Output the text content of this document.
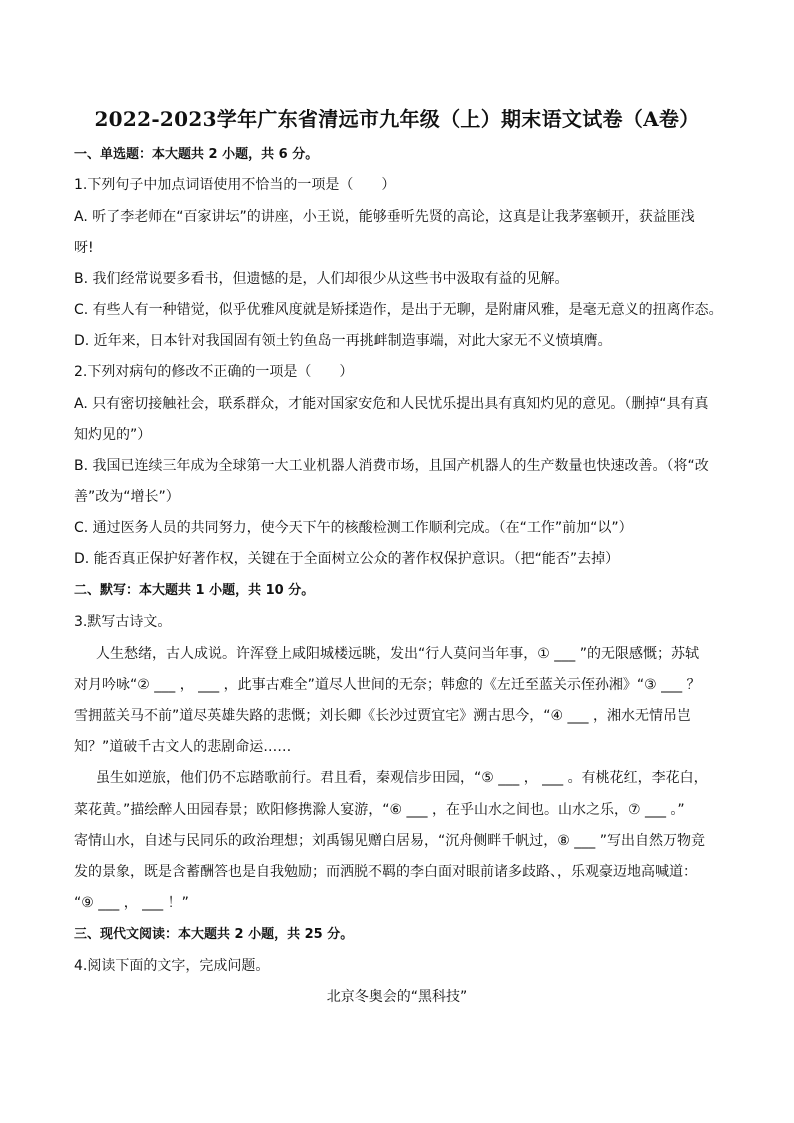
2022-2023学年广东省清远市九年级（上）期末语文试卷（A卷）
一、单选题：本大题共 2 小题，共 6 分。
1.下列句子中加点词语使用不恰当的一项是（　　）
A. 听了李老师在“百家讲坛”的讲座，小王说，能够垂听先贤的高论，这真是让我茅塞顿开，获益匪浅
呀!
B. 我们经常说要多看书，但遗憾的是，人们却很少从这些书中汲取有益的见解。
C. 有些人有一种错觉，似乎优雅风度就是矫揉造作，是出于无聊，是附庸风雅，是毫无意义的扭离作态。
D. 近年来，日本针对我国固有领土钓鱼岛一再挑衅制造事端，对此大家无不义愤填膺。
2.下列对病句的修改不正确的一项是（　　）
A. 只有密切接触社会，联系群众，才能对国家安危和人民忧乐提出具有真知灼见的意见。（删掉“具有真
知灼见的”）
B. 我国已连续三年成为全球第一大工业机器人消费市场，且国产机器人的生产数量也快速改善。（将“改
善”改为“增长”）
C. 通过医务人员的共同努力，使今天下午的核酸检测工作顺利完成。（在“工作”前加“以”）
D. 能否真正保护好著作权，关键在于全面树立公众的著作权保护意识。（把“能否”去掉）
二、默写：本大题共 1 小题，共 10 分。
3.默写古诗文。
人生愁绪，古人成说。许浑登上咸阳城楼远眺，发出“行人莫问当年事，① ___ ”的无限感慨；苏轼
对月吟咏“② ___ ， ___ ，此事古难全”道尽人世间的无奈；韩愈的《左迁至蓝关示侄孙湘》“③ ___ ？
雪拥蓝关马不前”道尽英雄失路的悲慨；刘长卿《长沙过贾宜宅》溯古思今，“④ ___ ，湘水无情吊岂
知？”道破千古文人的悲剧命运……
虽生如逆旅，他们仍不忘踏歌前行。君且看，秦观信步田园，“⑤ ___ ， ___ 。有桃花红，李花白，
菜花黄。”描绘醉人田园春景；欧阳修携滁人宴游，“⑥ ___ ，在乎山水之间也。山水之乐，⑦ ___ 。”
寄情山水，自述与民同乐的政治理想；刘禹锡见赠白居易，“沉舟侧畔千帆过，⑧ ___ ”写出自然万物竞
发的景象，既是含蓄酬答也是自我勉励；而洒脱不羁的李白面对眼前诸多歧路、，乐观豪迈地高喊道：
“⑨ ___ ， ___ ！”
三、现代文阅读：本大题共 2 小题，共 25 分。
4.阅读下面的文字，完成问题。
北京冬奥会的“黑科技”
